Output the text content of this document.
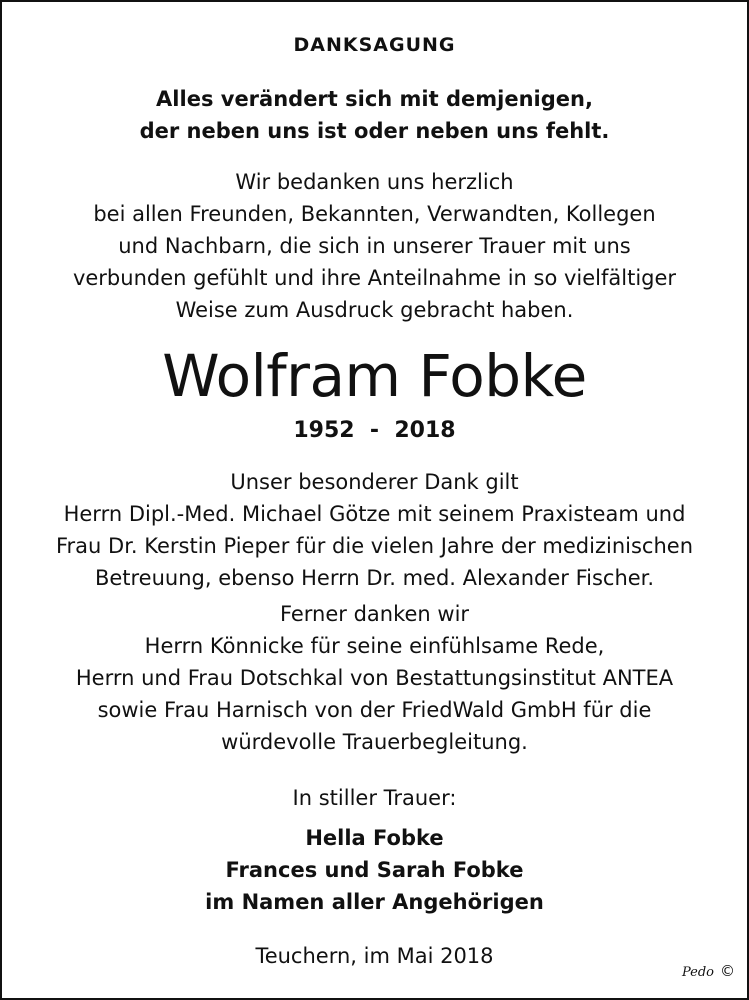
DANKSAGUNG
Alles verändert sich mit demjenigen,
der neben uns ist oder neben uns fehlt.
Wir bedanken uns herzlich
bei allen Freunden, Bekannten, Verwandten, Kollegen
und Nachbarn, die sich in unserer Trauer mit uns
verbunden gefühlt und ihre Anteilnahme in so vielfältiger
Weise zum Ausdruck gebracht haben.
Wolfram Fobke
1952  -  2018
Unser besonderer Dank gilt
Herrn Dipl.-Med. Michael Götze mit seinem Praxisteam und
Frau Dr. Kerstin Pieper für die vielen Jahre der medizinischen
Betreuung, ebenso Herrn Dr. med. Alexander Fischer.
Ferner danken wir
Herrn Könnicke für seine einfühlsame Rede,
Herrn und Frau Dotschkal von Bestattungsinstitut ANTEA
sowie Frau Harnisch von der FriedWald GmbH für die
würdevolle Trauerbegleitung.
In stiller Trauer:
Hella Fobke
Frances und Sarah Fobke
im Namen aller Angehörigen
Teuchern, im Mai 2018
Pedo ©
